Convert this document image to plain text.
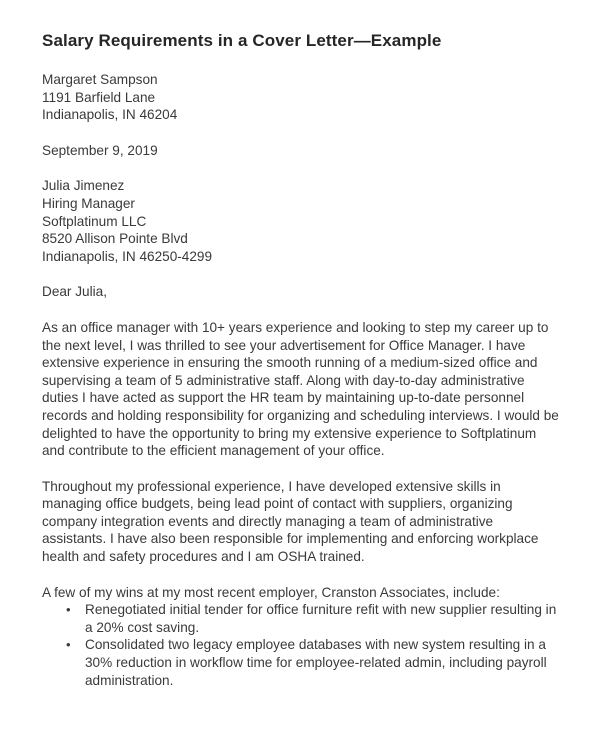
Salary Requirements in a Cover Letter—Example
Margaret Sampson
1191 Barfield Lane
Indianapolis, IN 46204
September 9, 2019
Julia Jimenez
Hiring Manager
Softplatinum LLC
8520 Allison Pointe Blvd
Indianapolis, IN 46250-4299
Dear Julia,

As an office manager with 10+ years experience and looking to step my career up to the next level, I was thrilled to see your advertisement for Office Manager. I have extensive experience in ensuring the smooth running of a medium-sized office and supervising a team of 5 administrative staff. Along with day-to-day administrative duties I have acted as support the HR team by maintaining up-to-date personnel records and holding responsibility for organizing and scheduling interviews. I would be delighted to have the opportunity to bring my extensive experience to Softplatinum and contribute to the efficient management of your office.

Throughout my professional experience, I have developed extensive skills in managing office budgets, being lead point of contact with suppliers, organizing company integration events and directly managing a team of administrative assistants. I have also been responsible for implementing and enforcing workplace health and safety procedures and I am OSHA trained.

A few of my wins at my most recent employer, Cranston Associates, include:

• Renegotiated initial tender for office furniture refit with new supplier resulting in a 20% cost saving.
• Consolidated two legacy employee databases with new system resulting in a 30% reduction in workflow time for employee-related admin, including payroll administration.
